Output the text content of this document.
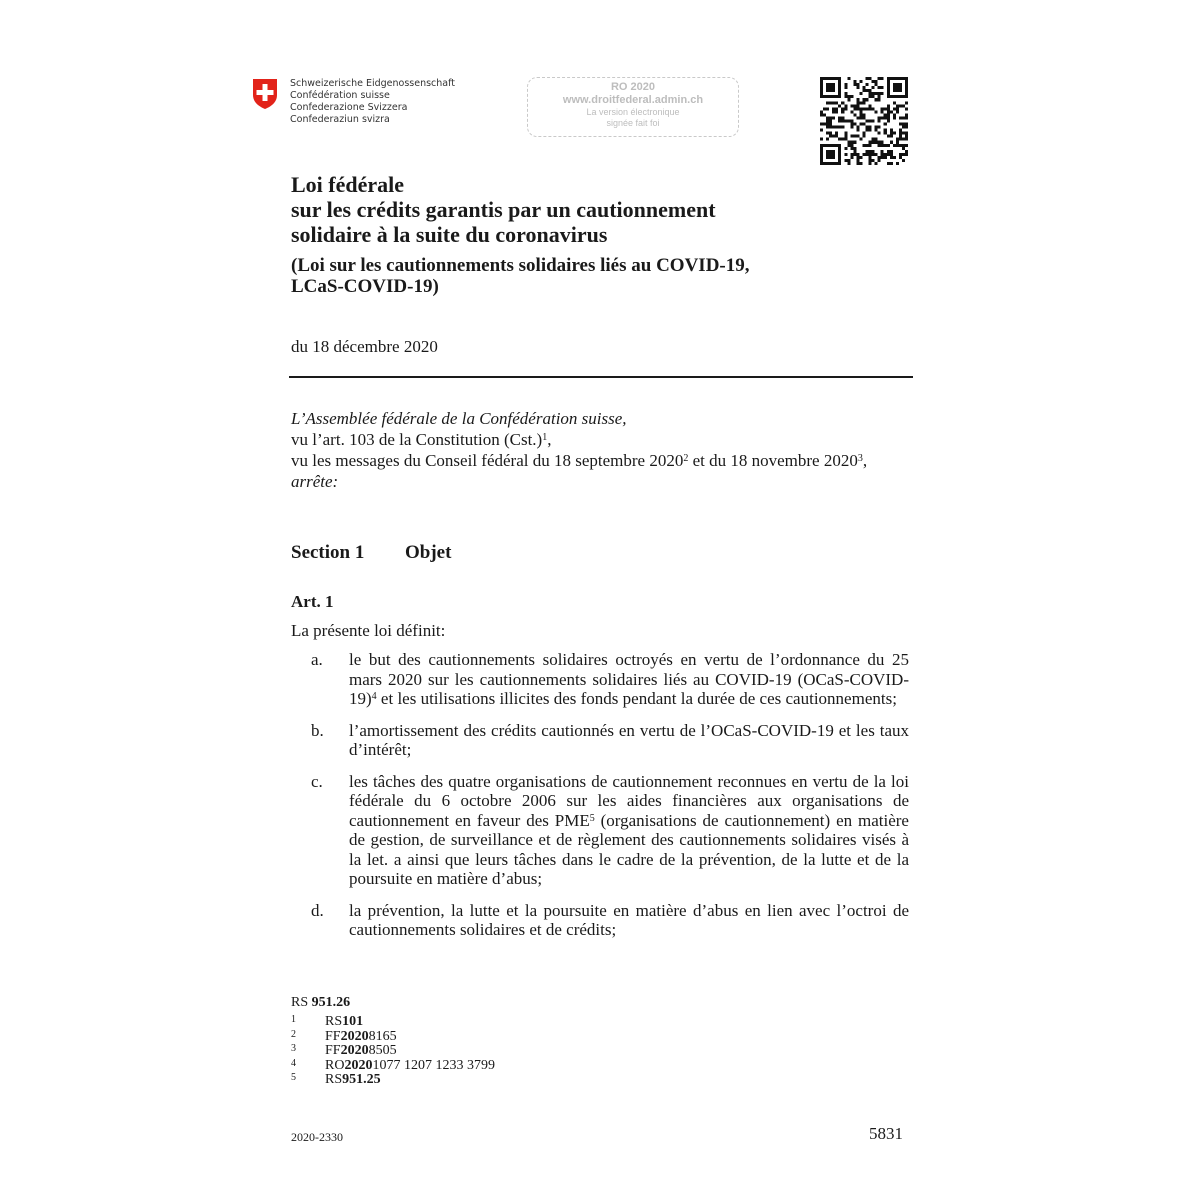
Schweizerische Eidgenossenschaft
Confédération suisse
Confederazione Svizzera
Confederaziun svizra
RO 2020
www.droitfederal.admin.ch
La version électronique
signée fait foi
Loi fédérale
sur les crédits garantis par un cautionnement
solidaire à la suite du coronavirus
(Loi sur les cautionnements solidaires liés au COVID-19,
LCaS-COVID-19)
du 18 décembre 2020
L’Assemblée fédérale de la Confédération suisse,
vu l’art. 103 de la Constitution $(Cst.)^1$,
vu les messages du Conseil fédéral du 18 septembre 2020$^2$ et du 18 novembre 2020$^3$,
arrête:
Section 1 Objet
Art. 1
La présente loi définit:
a.	le but des cautionnements solidaires octroyés en vertu de l’ordonnance du 25 mars 2020 sur les cautionnements solidaires liés au COVID-19 (OCaS-COVID-19)$^4$ et les utilisations illicites des fonds pendant la durée de ces cautionnements;
b.	l’amortissement des crédits cautionnés en vertu de l’OCaS-COVID-19 et les taux d’intérêt;
c.	les tâches des quatre organisations de cautionnement reconnues en vertu de la loi fédérale du 6 octobre 2006 sur les aides financières aux organisations de cautionnement en faveur des PME$^5$ (organisations de cautionnement) en matière de gestion, de surveillance et de règlement des cautionnements solidaires visés à la let. a ainsi que leurs tâches dans le cadre de la prévention, de la lutte et de la poursuite en matière d’abus;
d.	la prévention, la lutte et la poursuite en matière d’abus en lien avec l’octroi de cautionnements solidaires et de crédits;
RS 951.26
1	RS 101
2	FF 2020 8165
3	FF 2020 8505
4	RO 2020 1077 1207 1233 3799
5	RS 951.25
2020-2330	5831
